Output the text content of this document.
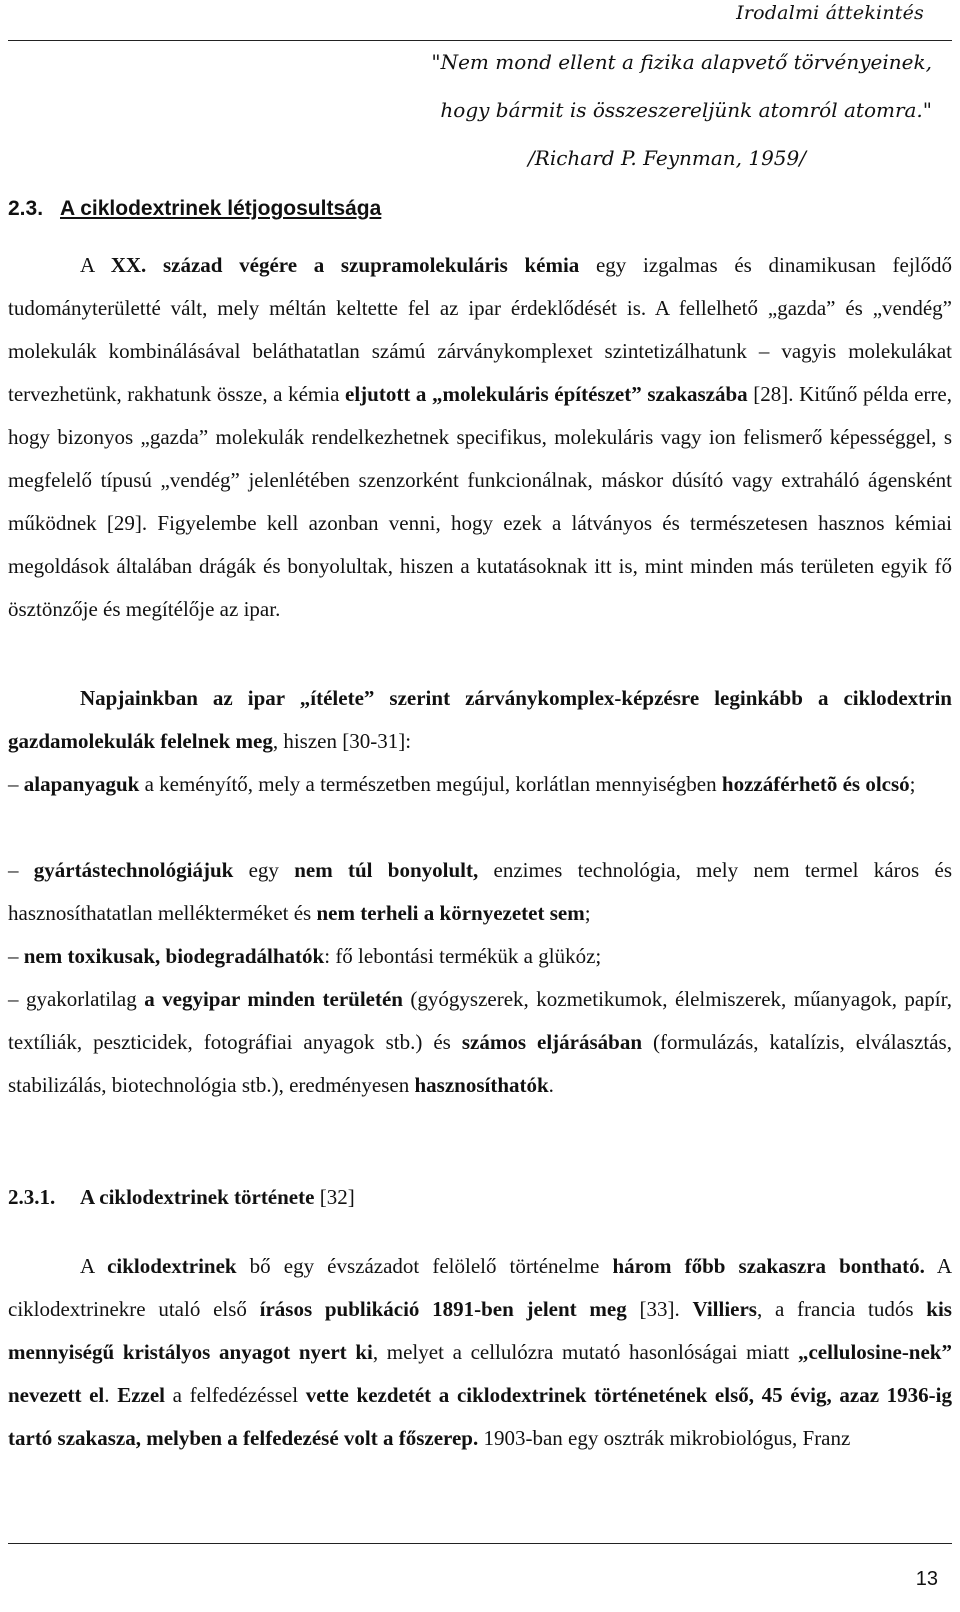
Irodalmi áttekintés
"Nem mond ellent a fizika alapvető törvényeinek,
hogy bármit is összeszereljünk atomról atomra."
/Richard P. Feynman, 1959/
2.3. A ciklodextrinek létjogosultsága
A XX. század végére a szupramolekuláris kémia egy izgalmas és dinamikusan fejlődő tudományterületté vált, mely méltán keltette fel az ipar érdeklődését is. A fellelhető „gazda” és „vendég” molekulák kombinálásával beláthatatlan számú zárványkomplexet szintetizálhatunk – vagyis molekulákat tervezhetünk, rakhatunk össze, a kémia eljutott a „molekuláris építészet” szakaszába [28]. Kitűnő példa erre, hogy bizonyos „gazda” molekulák rendelkezhetnek specifikus, molekuláris vagy ion felismerő képességgel, s megfelelő típusú „vendég” jelenlétében szenzorként funkcionálnak, máskor dúsító vagy extraháló ágensként működnek [29]. Figyelembe kell azonban venni, hogy ezek a látványos és természetesen hasznos kémiai megoldások általában drágák és bonyolultak, hiszen a kutatásoknak itt is, mint minden más területen egyik fő ösztönzője és megítélője az ipar.
Napjainkban az ipar „ítélete” szerint zárványkomplex-képzésre leginkább a ciklodextrin gazdamolekulák felelnek meg, hiszen [30-31]:
– alapanyaguk a keményítő, mely a természetben megújul, korlátlan mennyiségben hozzáférhetõ és olcsó;
– gyártástechnológiájuk egy nem túl bonyolult, enzimes technológia, mely nem termel káros és hasznosíthatatlan mellékterméket és nem terheli a környezetet sem;
– nem toxikusak, biodegradálhatók: fő lebontási termékük a glükóz;
– gyakorlatilag a vegyipar minden területén (gyógyszerek, kozmetikumok, élelmiszerek, műanyagok, papír, textíliák, peszticidek, fotográfiai anyagok stb.) és számos eljárásában (formulázás, katalízis, elválasztás, stabilizálás, biotechnológia stb.), eredményesen hasznosíthatók.
2.3.1. A ciklodextrinek története [32]
A ciklodextrinek bő egy évszázadot felölelő történelme három főbb szakaszra bontható. A ciklodextrinekre utaló első írásos publikáció 1891-ben jelent meg [33]. Villiers, a francia tudós kis mennyiségű kristályos anyagot nyert ki, melyet a cellulózra mutató hasonlóságai miatt „cellulosine-nek” nevezett el. Ezzel a felfedézéssel vette kezdetét a ciklodextrinek történetének első, 45 évig, azaz 1936-ig tartó szakasza, melyben a felfedezésé volt a főszerep. 1903-ban egy osztrák mikrobiológus, Franz
13
